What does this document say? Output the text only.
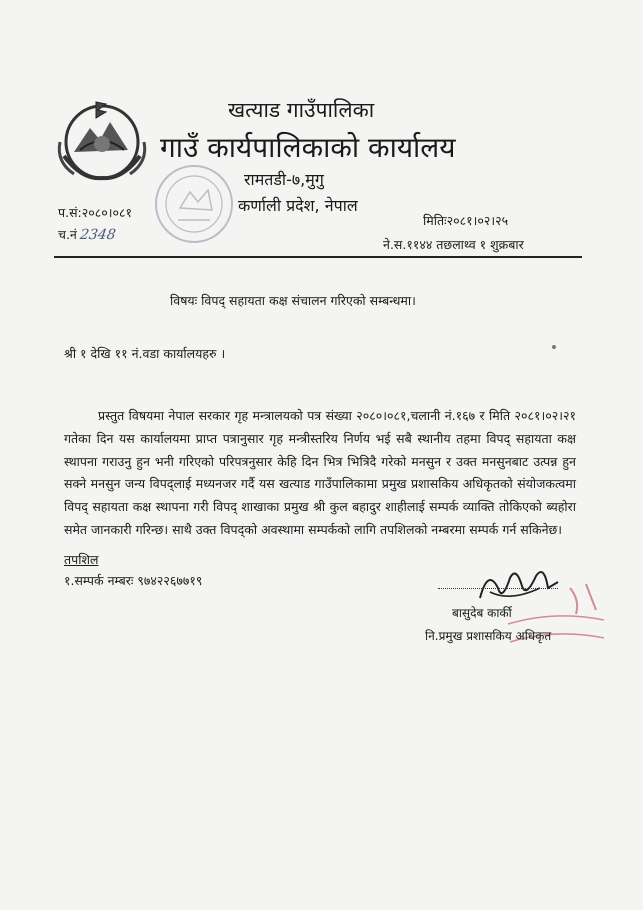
खत्याड गाउँपालिका
गाउँ कार्यपालिकाको कार्यालय
रामतडी-७,मुगु
कर्णाली प्रदेश, नेपाल
प.सं:२०८०।०८१
च.नं 2348
मितिः२०८१।०२।२५
ने.स.११४४ तछलाथ्व १ शुक्रबार
विषयः विपद् सहायता कक्ष संचालन गरिएको सम्बन्धमा।
श्री १ देखि ११ नं.वडा कार्यालयहरु ।

प्रस्तुत विषयमा नेपाल सरकार गृह मन्त्रालयको पत्र संख्या २०८०।०८१,चलानी नं.१६७ र मिति २०८१।०२।२१ गतेका दिन यस कार्यालयमा प्राप्त पत्रानुसार गृह मन्त्रीस्तरिय निर्णय भई सबै स्थानीय तहमा विपद् सहायता कक्ष स्थापना गराउनु हुन भनी गरिएको परिपत्रनुसार केहि दिन भित्र भित्रिदै गरेको मनसुन र उक्त मनसुनबाट उत्पन्न हुन सक्ने मनसुन जन्य विपद्लाई मध्यनजर गर्दै यस खत्याड गाउँपालिकामा प्रमुख प्रशासकिय अधिकृतको संयोजकत्वमा विपद् सहायता कक्ष स्थापना गरी विपद् शाखाका प्रमुख श्री कुल बहादुर शाहीलाई सम्पर्क व्याक्ति तोकिएको ब्यहोरा समेत जानकारी गरिन्छ। साथै उक्त विपद्को अवस्थामा सम्पर्कको लागि तपशिलको नम्बरमा सम्पर्क गर्न सकिनेछ।

तपशिल
१.सम्पर्क नम्बरः ९७४२२६७७१९
बासुदेब कार्की
नि.प्रमुख प्रशासकिय अधिकृत
